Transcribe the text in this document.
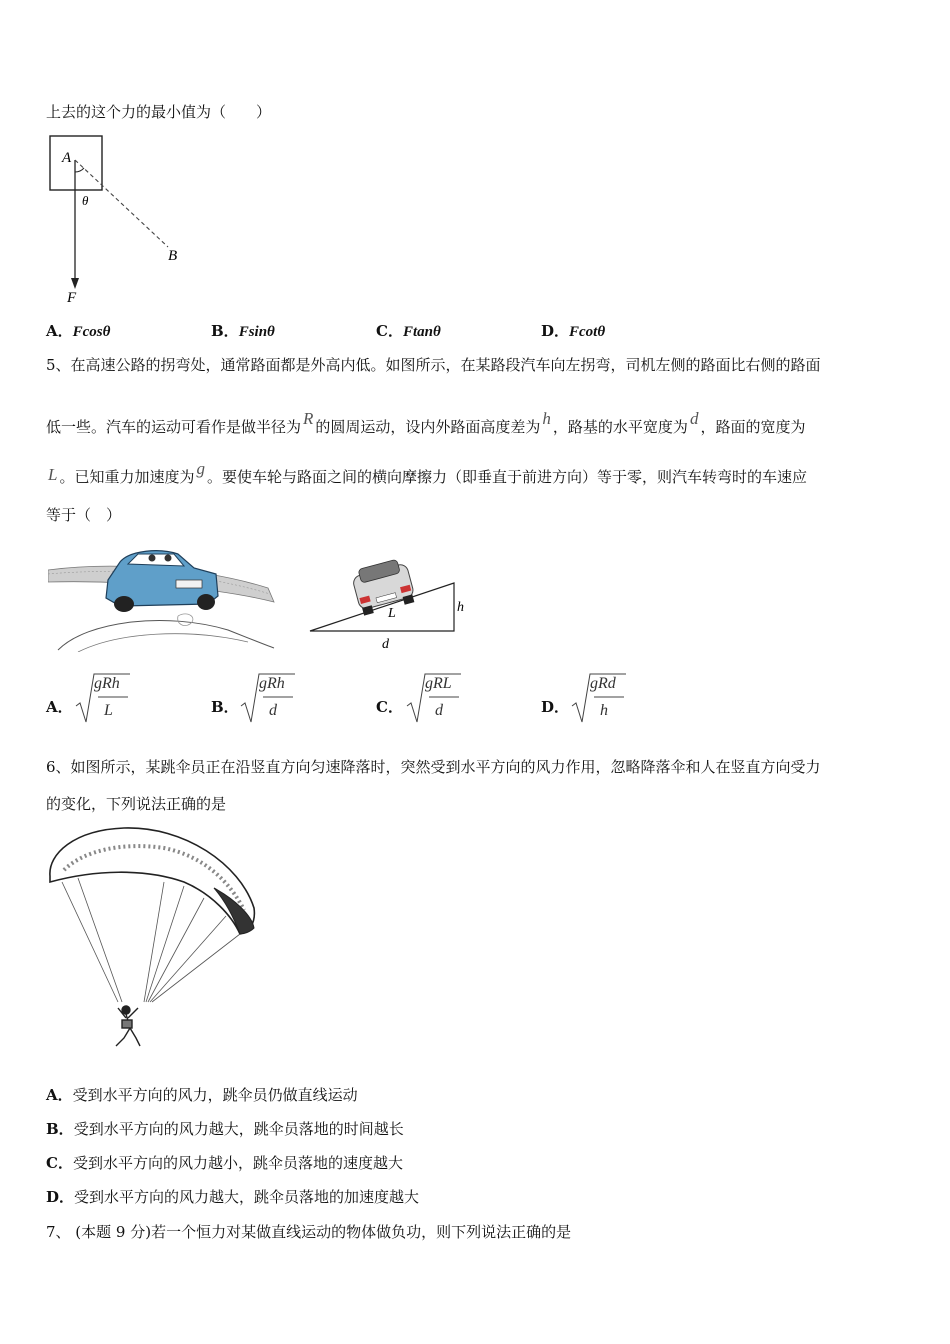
上去的这个力的最小值为（　　）
A
θ
B
F
A．Fcosθ	B．Fsinθ	C．Ftanθ	D．Fcotθ
5、在高速公路的拐弯处，通常路面都是外高内低。如图所示，在某路段汽车向左拐弯，司机左侧的路面比右侧的路面
低一些。汽车的运动可看作是做半径为 R 的圆周运动，设内外路面高度差为 h ，路基的水平宽度为 d ，路面的宽度为
L 。已知重力加速度为 g 。要使车轮与路面之间的横向摩擦力（即垂直于前进方向）等于零，则汽车转弯时的车速应
等于（　）
L	h
d
A．
gRh
L	B．
gRh
d	C．
gRL
d	D．
gRd
h
6、如图所示，某跳伞员正在沿竖直方向匀速降落时，突然受到水平方向的风力作用，忽略降落伞和人在竖直方向受力
的变化，下列说法正确的是
A．受到水平方向的风力，跳伞员仍做直线运动
B．受到水平方向的风力越大，跳伞员落地的时间越长
C．受到水平方向的风力越小，跳伞员落地的速度越大
D．受到水平方向的风力越大，跳伞员落地的加速度越大
7、 (本题 9 分)若一个恒力对某做直线运动的物体做负功，则下列说法正确的是
